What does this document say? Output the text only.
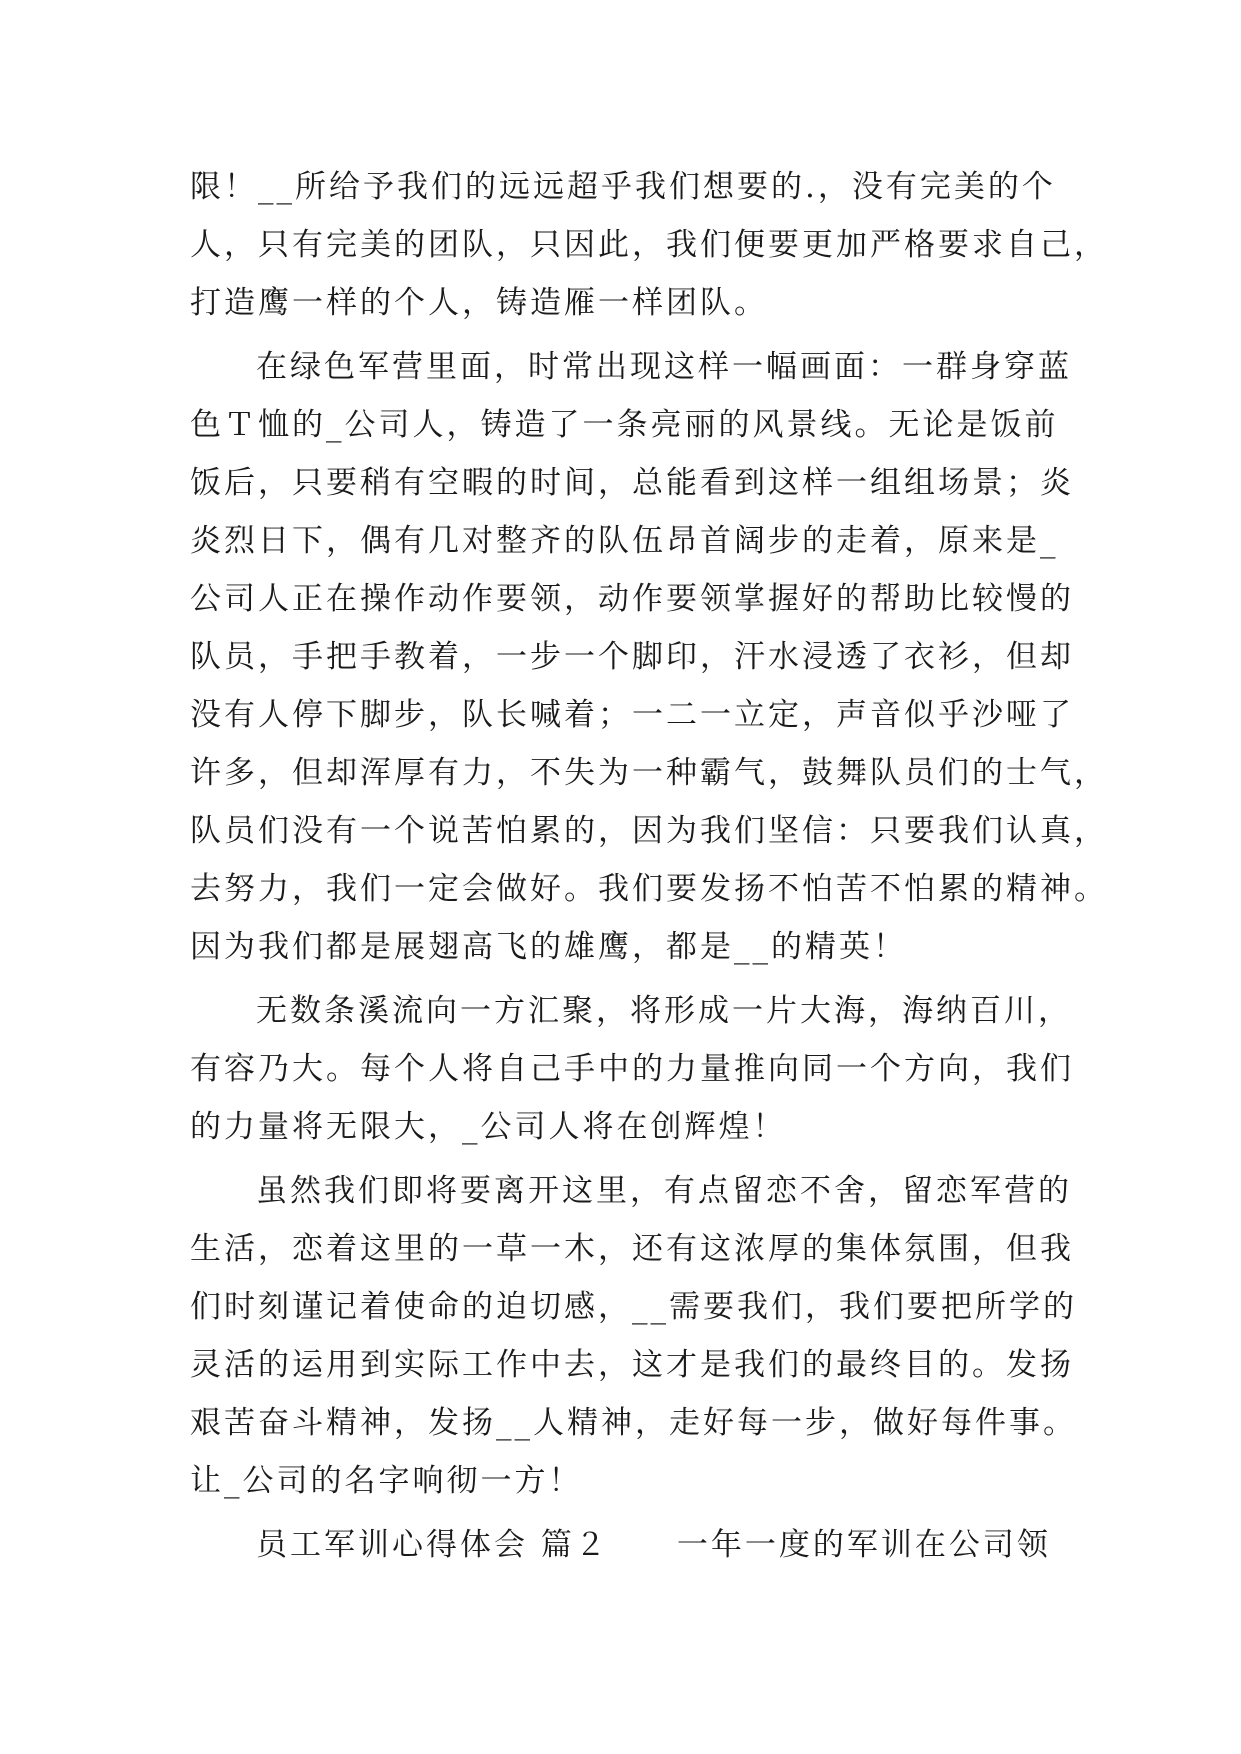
限！__所给予我们的远远超乎我们想要的.，没有完美的个
人，只有完美的团队，只因此，我们便要更加严格要求自己，
打造鹰一样的个人，铸造雁一样团队。
在绿色军营里面，时常出现这样一幅画面：一群身穿蓝
色Ｔ恤的_公司人，铸造了一条亮丽的风景线。无论是饭前
饭后，只要稍有空暇的时间，总能看到这样一组组场景；炎
炎烈日下，偶有几对整齐的队伍昂首阔步的走着，原来是_
公司人正在操作动作要领，动作要领掌握好的帮助比较慢的
队员，手把手教着，一步一个脚印，汗水浸透了衣衫，但却
没有人停下脚步，队长喊着；一二一立定，声音似乎沙哑了
许多，但却浑厚有力，不失为一种霸气，鼓舞队员们的士气，
队员们没有一个说苦怕累的，因为我们坚信：只要我们认真，
去努力，我们一定会做好。我们要发扬不怕苦不怕累的精神。
因为我们都是展翅高飞的雄鹰，都是__的精英！
无数条溪流向一方汇聚，将形成一片大海，海纳百川，
有容乃大。每个人将自己手中的力量推向同一个方向，我们
的力量将无限大，_公司人将在创辉煌！
虽然我们即将要离开这里，有点留恋不舍，留恋军营的
生活，恋着这里的一草一木，还有这浓厚的集体氛围，但我
们时刻谨记着使命的迫切感，__需要我们，我们要把所学的
灵活的运用到实际工作中去，这才是我们的最终目的。发扬
艰苦奋斗精神，发扬__人精神，走好每一步，做好每件事。
让_公司的名字响彻一方！
员工军训心得体会 篇２　　一年一度的军训在公司领
